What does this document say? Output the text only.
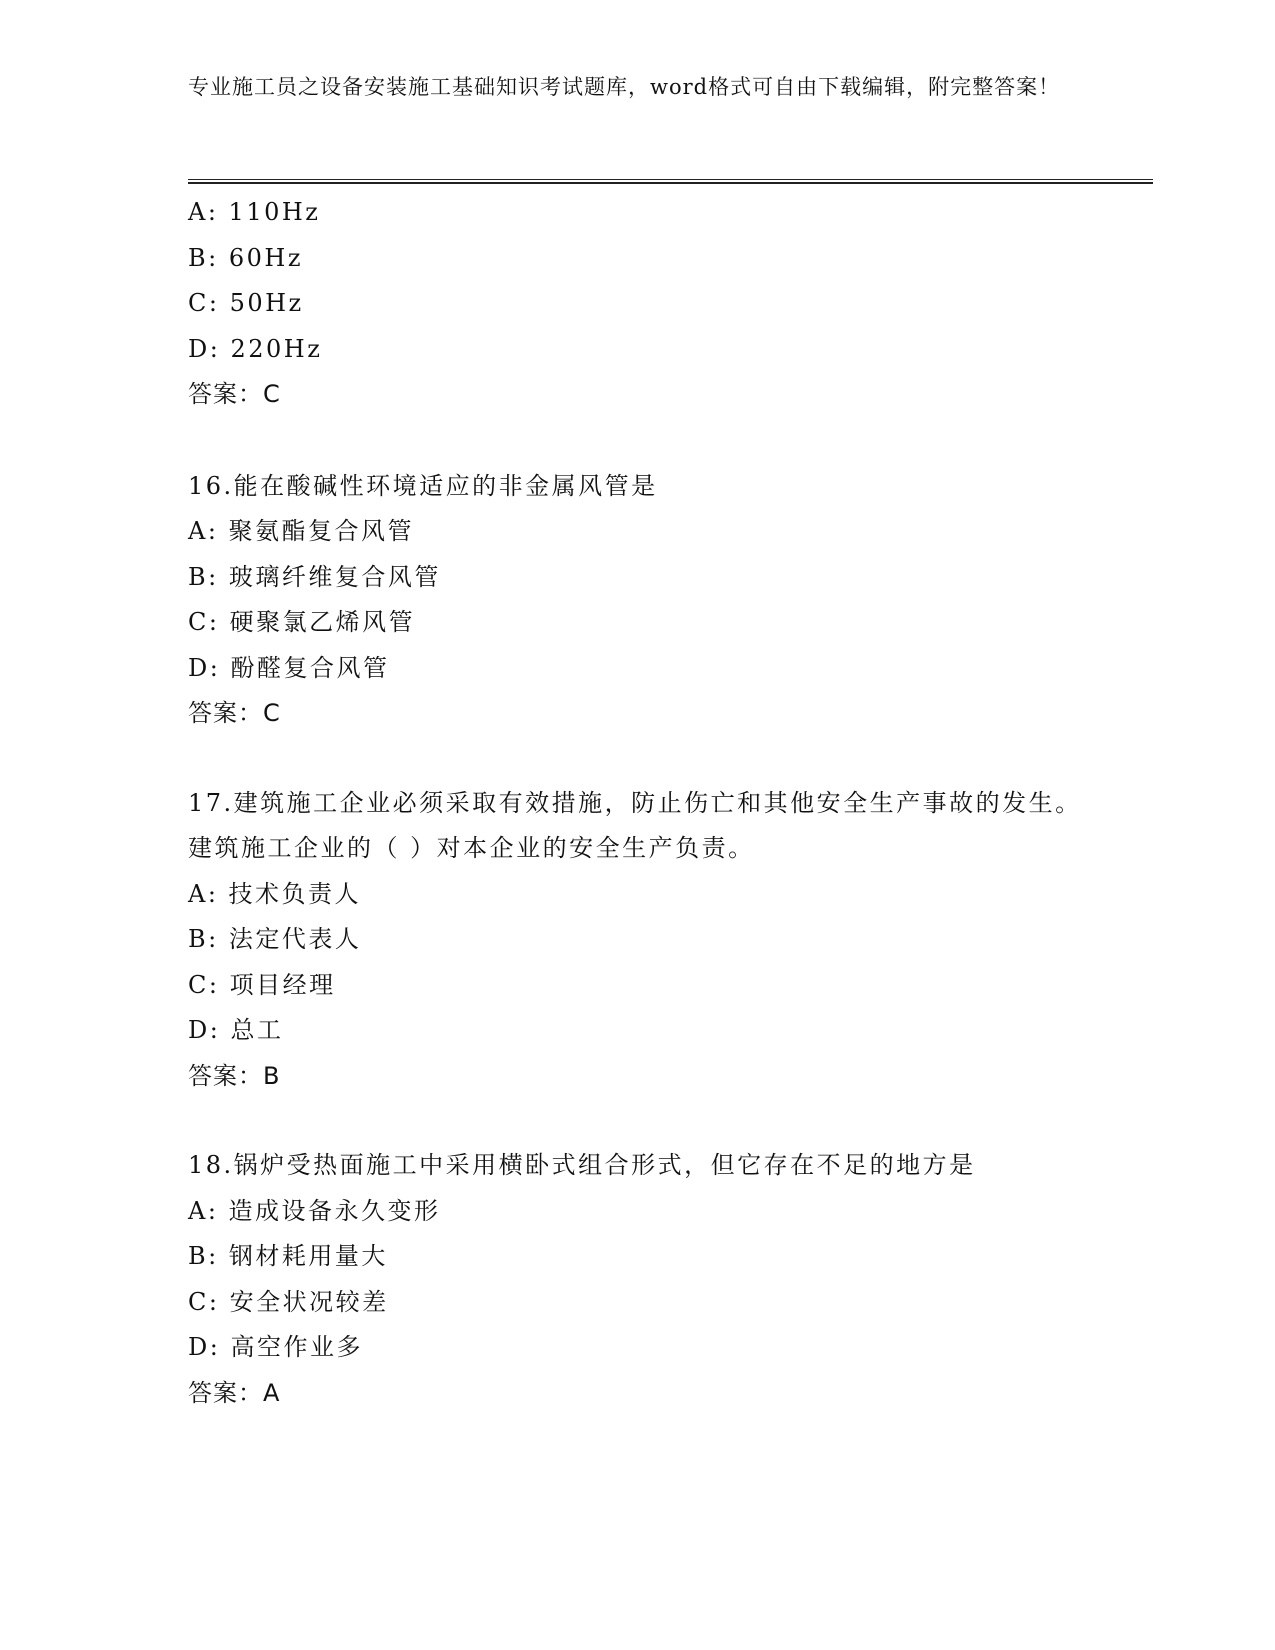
专业施工员之设备安装施工基础知识考试题库，word格式可自由下载编辑，附完整答案！
A: 110Hz
B: 60Hz
C: 50Hz
D: 220Hz
答案：C
16.能在酸碱性环境适应的非金属风管是
A: 聚氨酯复合风管
B: 玻璃纤维复合风管
C: 硬聚氯乙烯风管
D: 酚醛复合风管
答案：C
17.建筑施工企业必须采取有效措施，防止伤亡和其他安全生产事故的发生。建筑施工企业的（ ）对本企业的安全生产负责。
A: 技术负责人
B: 法定代表人
C: 项目经理
D: 总工
答案：B
18.锅炉受热面施工中采用横卧式组合形式，但它存在不足的地方是
A: 造成设备永久变形
B: 钢材耗用量大
C: 安全状况较差
D: 高空作业多
答案：A
